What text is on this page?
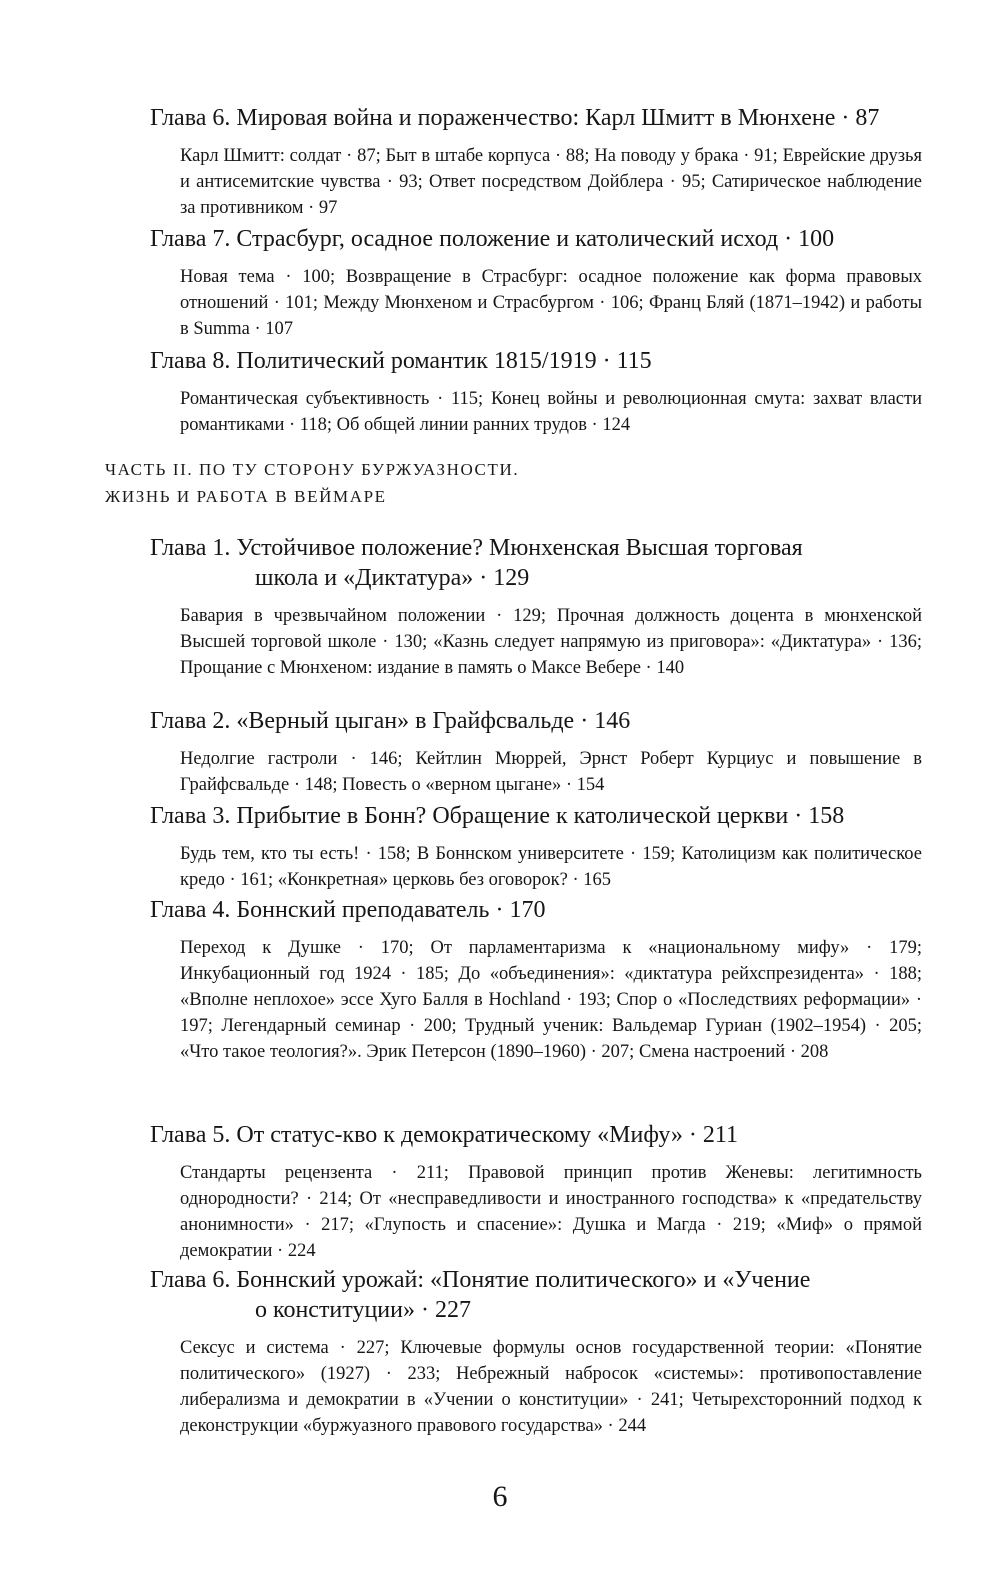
Глава 6. Мировая война и пораженчество: Карл Шмитт в Мюнхене · 87

Карл Шмитт: солдат · 87; Быт в штабе корпуса · 88; На поводу у брака · 91; Еврейские друзья и антисемитские чувства · 93; Ответ посредством Дойблера · 95; Сатирическое наблюдение за противником · 97

Глава 7. Страсбург, осадное положение и католический исход · 100

Новая тема · 100; Возвращение в Страсбург: осадное положение как форма правовых отношений · 101; Между Мюнхеном и Страсбургом · 106; Франц Бляй (1871–1942) и работы в Summa · 107

Глава 8. Политический романтик 1815/1919 · 115

Романтическая субъективность · 115; Конец войны и революционная смута: захват власти романтиками · 118; Об общей линии ранних трудов · 124

ЧАСТЬ II. ПО ТУ СТОРОНУ БУРЖУАЗНОСТИ.
ЖИЗНЬ И РАБОТА В ВЕЙМАРЕ

Глава 1. Устойчивое положение? Мюнхенская Высшая торговая
школа и «Диктатура» · 129

Бавария в чрезвычайном положении · 129; Прочная должность доцента в мюнхенской Высшей торговой школе · 130; «Казнь следует напрямую из приговора»: «Диктатура» · 136; Прощание с Мюнхеном: издание в память о Максе Вебере · 140

Глава 2. «Верный цыган» в Грайфсвальде · 146

Недолгие гастроли · 146; Кейтлин Мюррей, Эрнст Роберт Курциус и повышение в Грайфсвальде · 148; Повесть о «верном цыгане» · 154

Глава 3. Прибытие в Бонн? Обращение к католической церкви · 158

Будь тем, кто ты есть! · 158; В Боннском университете · 159; Католицизм как политическое кредо · 161; «Конкретная» церковь без оговорок? · 165

Глава 4. Боннский преподаватель · 170

Переход к Душке · 170; От парламентаризма к «национальному мифу» · 179; Инкубационный год 1924 · 185; До «объединения»: «диктатура рейхспрезидента» · 188; «Вполне неплохое» эссе Хуго Балля в Hochland · 193; Спор о «Последствиях реформации» · 197; Легендарный семинар · 200; Трудный ученик: Вальдемар Гуриан (1902–1954) · 205; «Что такое теология?». Эрик Петерсон (1890–1960) · 207; Смена настроений · 208

Глава 5. От статус-кво к демократическому «Мифу» · 211

Стандарты рецензента · 211; Правовой принцип против Женевы: легитимность однородности? · 214; От «несправедливости и иностранного господства» к «предательству анонимности» · 217; «Глупость и спасение»: Душка и Магда · 219; «Миф» о прямой демократии · 224

Глава 6. Боннский урожай: «Понятие политического» и «Учение
о конституции» · 227

Сексус и система · 227; Ключевые формулы основ государственной теории: «Понятие политического» (1927) · 233; Небрежный набросок «системы»: противопоставление либерализма и демократии в «Учении о конституции» · 241; Четырехсторонний подход к деконструкции «буржуазного правового государства» · 244

6
